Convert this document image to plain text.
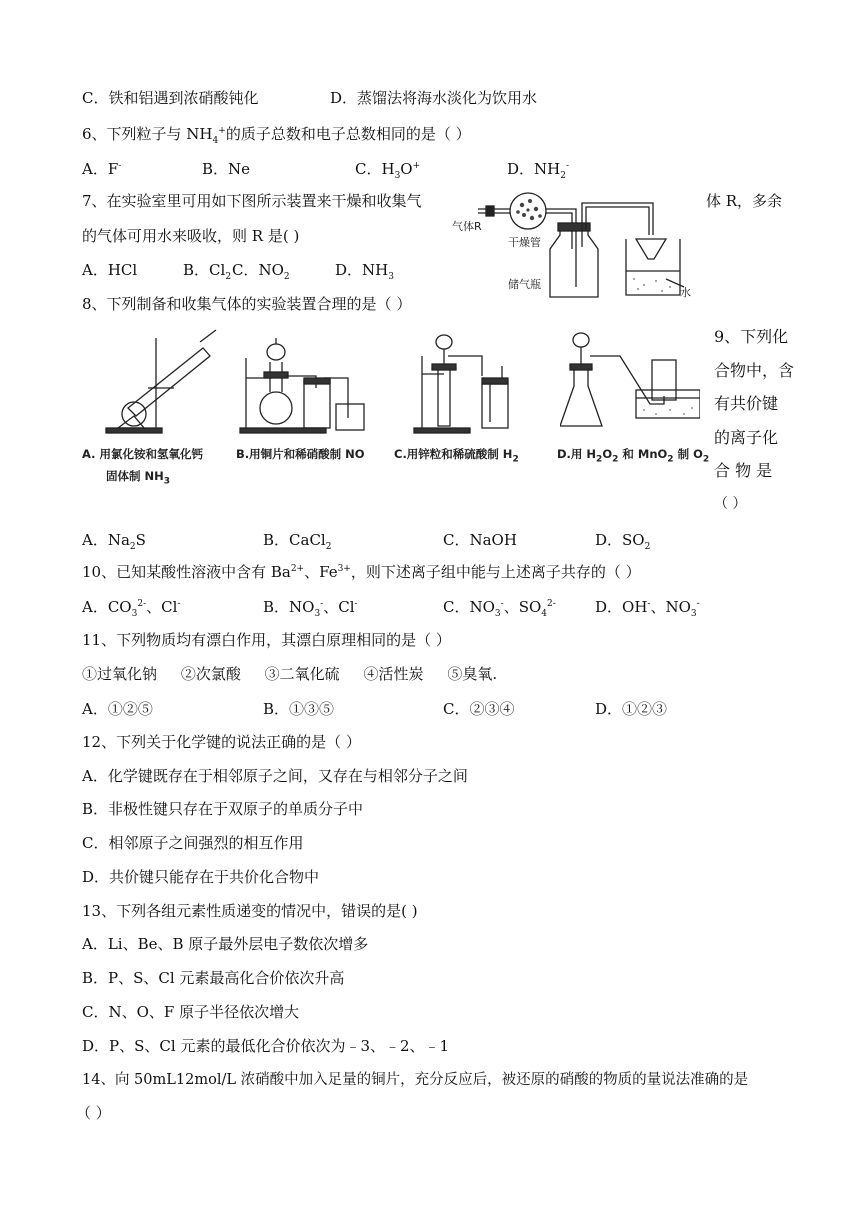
C．铁和铝遇到浓硝酸钝化	D．蒸馏法将海水淡化为饮用水
6、下列粒子与 $NH_4^+$的质子总数和电子总数相同的是（ ）
A．F-	B．Ne	C．$H_3O^+$	D．$NH_2^-$
7、在实验室里可用如下图所示装置来干燥和收集气	体 R，多余
的气体可用水来吸收，则 R 是( )
A．HCl	B．$Cl_2$ C．$NO_2$	D．$NH_3$
气体R
干燥管
储气瓶
水
8、下列制备和收集气体的实验装置合理的是（ ）
A. 用氯化铵和氢氧化钙
固体制 $NH_3$
B.用铜片和稀硝酸制 NO	C.用锌粒和稀硫酸制 $H_2$	D.用 $H_2O_2$ 和 MnO$_2$ 制 $O_2$
9、下列化
合物中，含
有共价键
的离子化
合 物 是
（ ）
A．$Na_2S$	B．CaCl$_2$	C．NaOH	D．$SO_2$
10、已知某酸性溶液中含有 $Ba^{2+}$、$Fe^{3+}$，则下述离子组中能与上述离子共存的（ ）
A．$CO_3^{2-}$、Cl-	B．$NO_3^-$、Cl-	C．$NO_3^-$、$SO_4^{2-}$	D．OH-、$NO_3^-$
11、下列物质均有漂白作用，其漂白原理相同的是（ ）
①过氧化钠     ②次氯酸     ③二氧化硫     ④活性炭     ⑤臭氧.
A．①②⑤	B．①③⑤	C．②③④	D．①②③
12、下列关于化学键的说法正确的是（ ）
A．化学键既存在于相邻原子之间，又存在与相邻分子之间
B．非极性键只存在于双原子的单质分子中
C．相邻原子之间强烈的相互作用
D．共价键只能存在于共价化合物中
13、下列各组元素性质递变的情况中，错误的是( )
A．Li、Be、B 原子最外层电子数依次增多
B．P、S、Cl 元素最高化合价依次升高
C．N、O、F 原子半径依次增大
D．P、S、Cl 元素的最低化合价依次为﹣3、﹣2、﹣1
14、向 50mL12mol/L 浓硝酸中加入足量的铜片，充分反应后，被还原的硝酸的物质的量说法准确的是
（ ）
